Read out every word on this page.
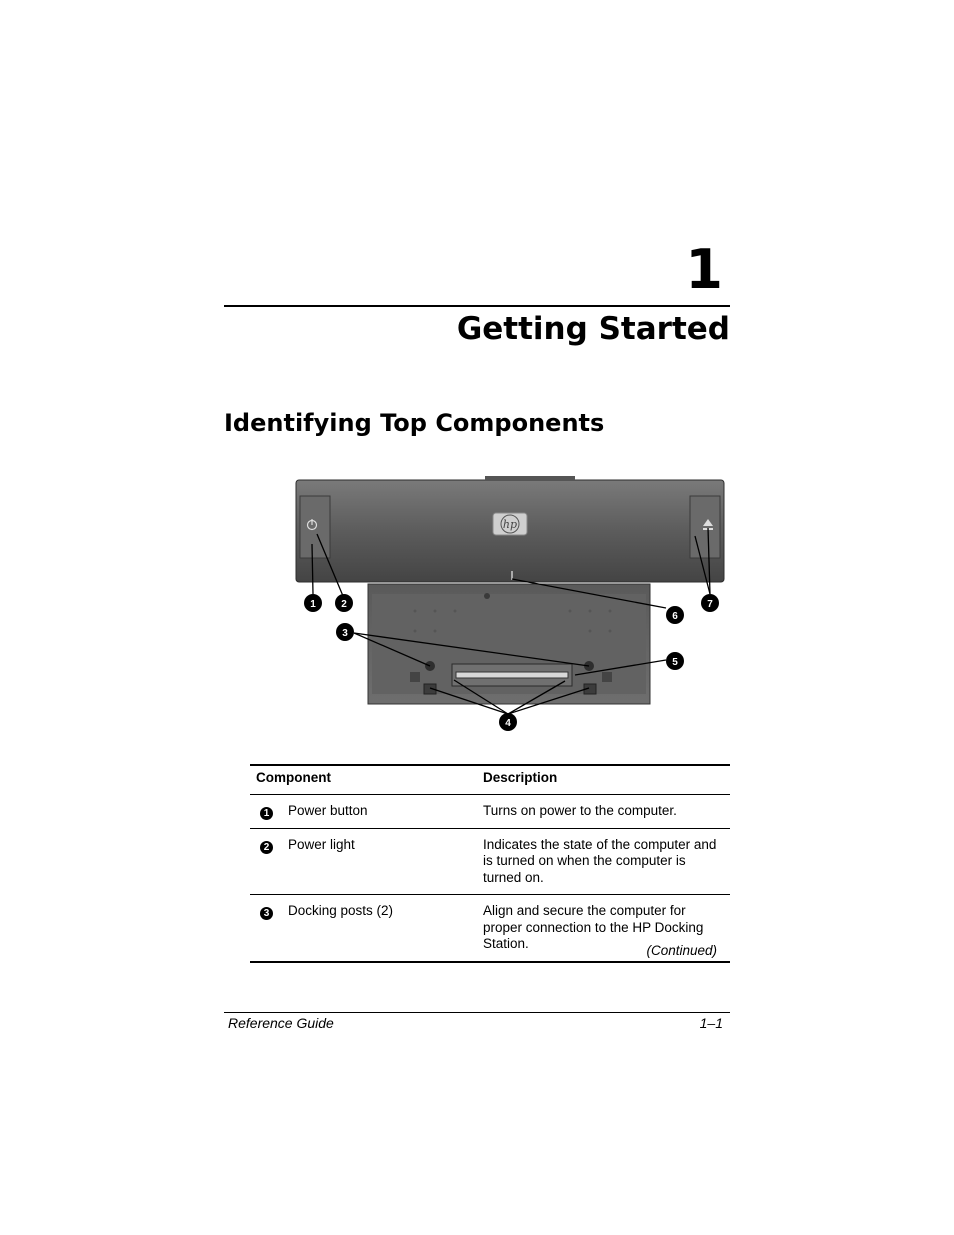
1
Getting Started
Identifying Top Components
hp
1	2
3
4
5
6
7
Component	Description
1	Power button	Turns on power to the computer.
2	Power light	Indicates the state of the computer and is turned on when the computer is turned on.
3	Docking posts (2)	Align and secure the computer for proper connection to the HP Docking Station.	(Continued)
Reference Guide	1–1
